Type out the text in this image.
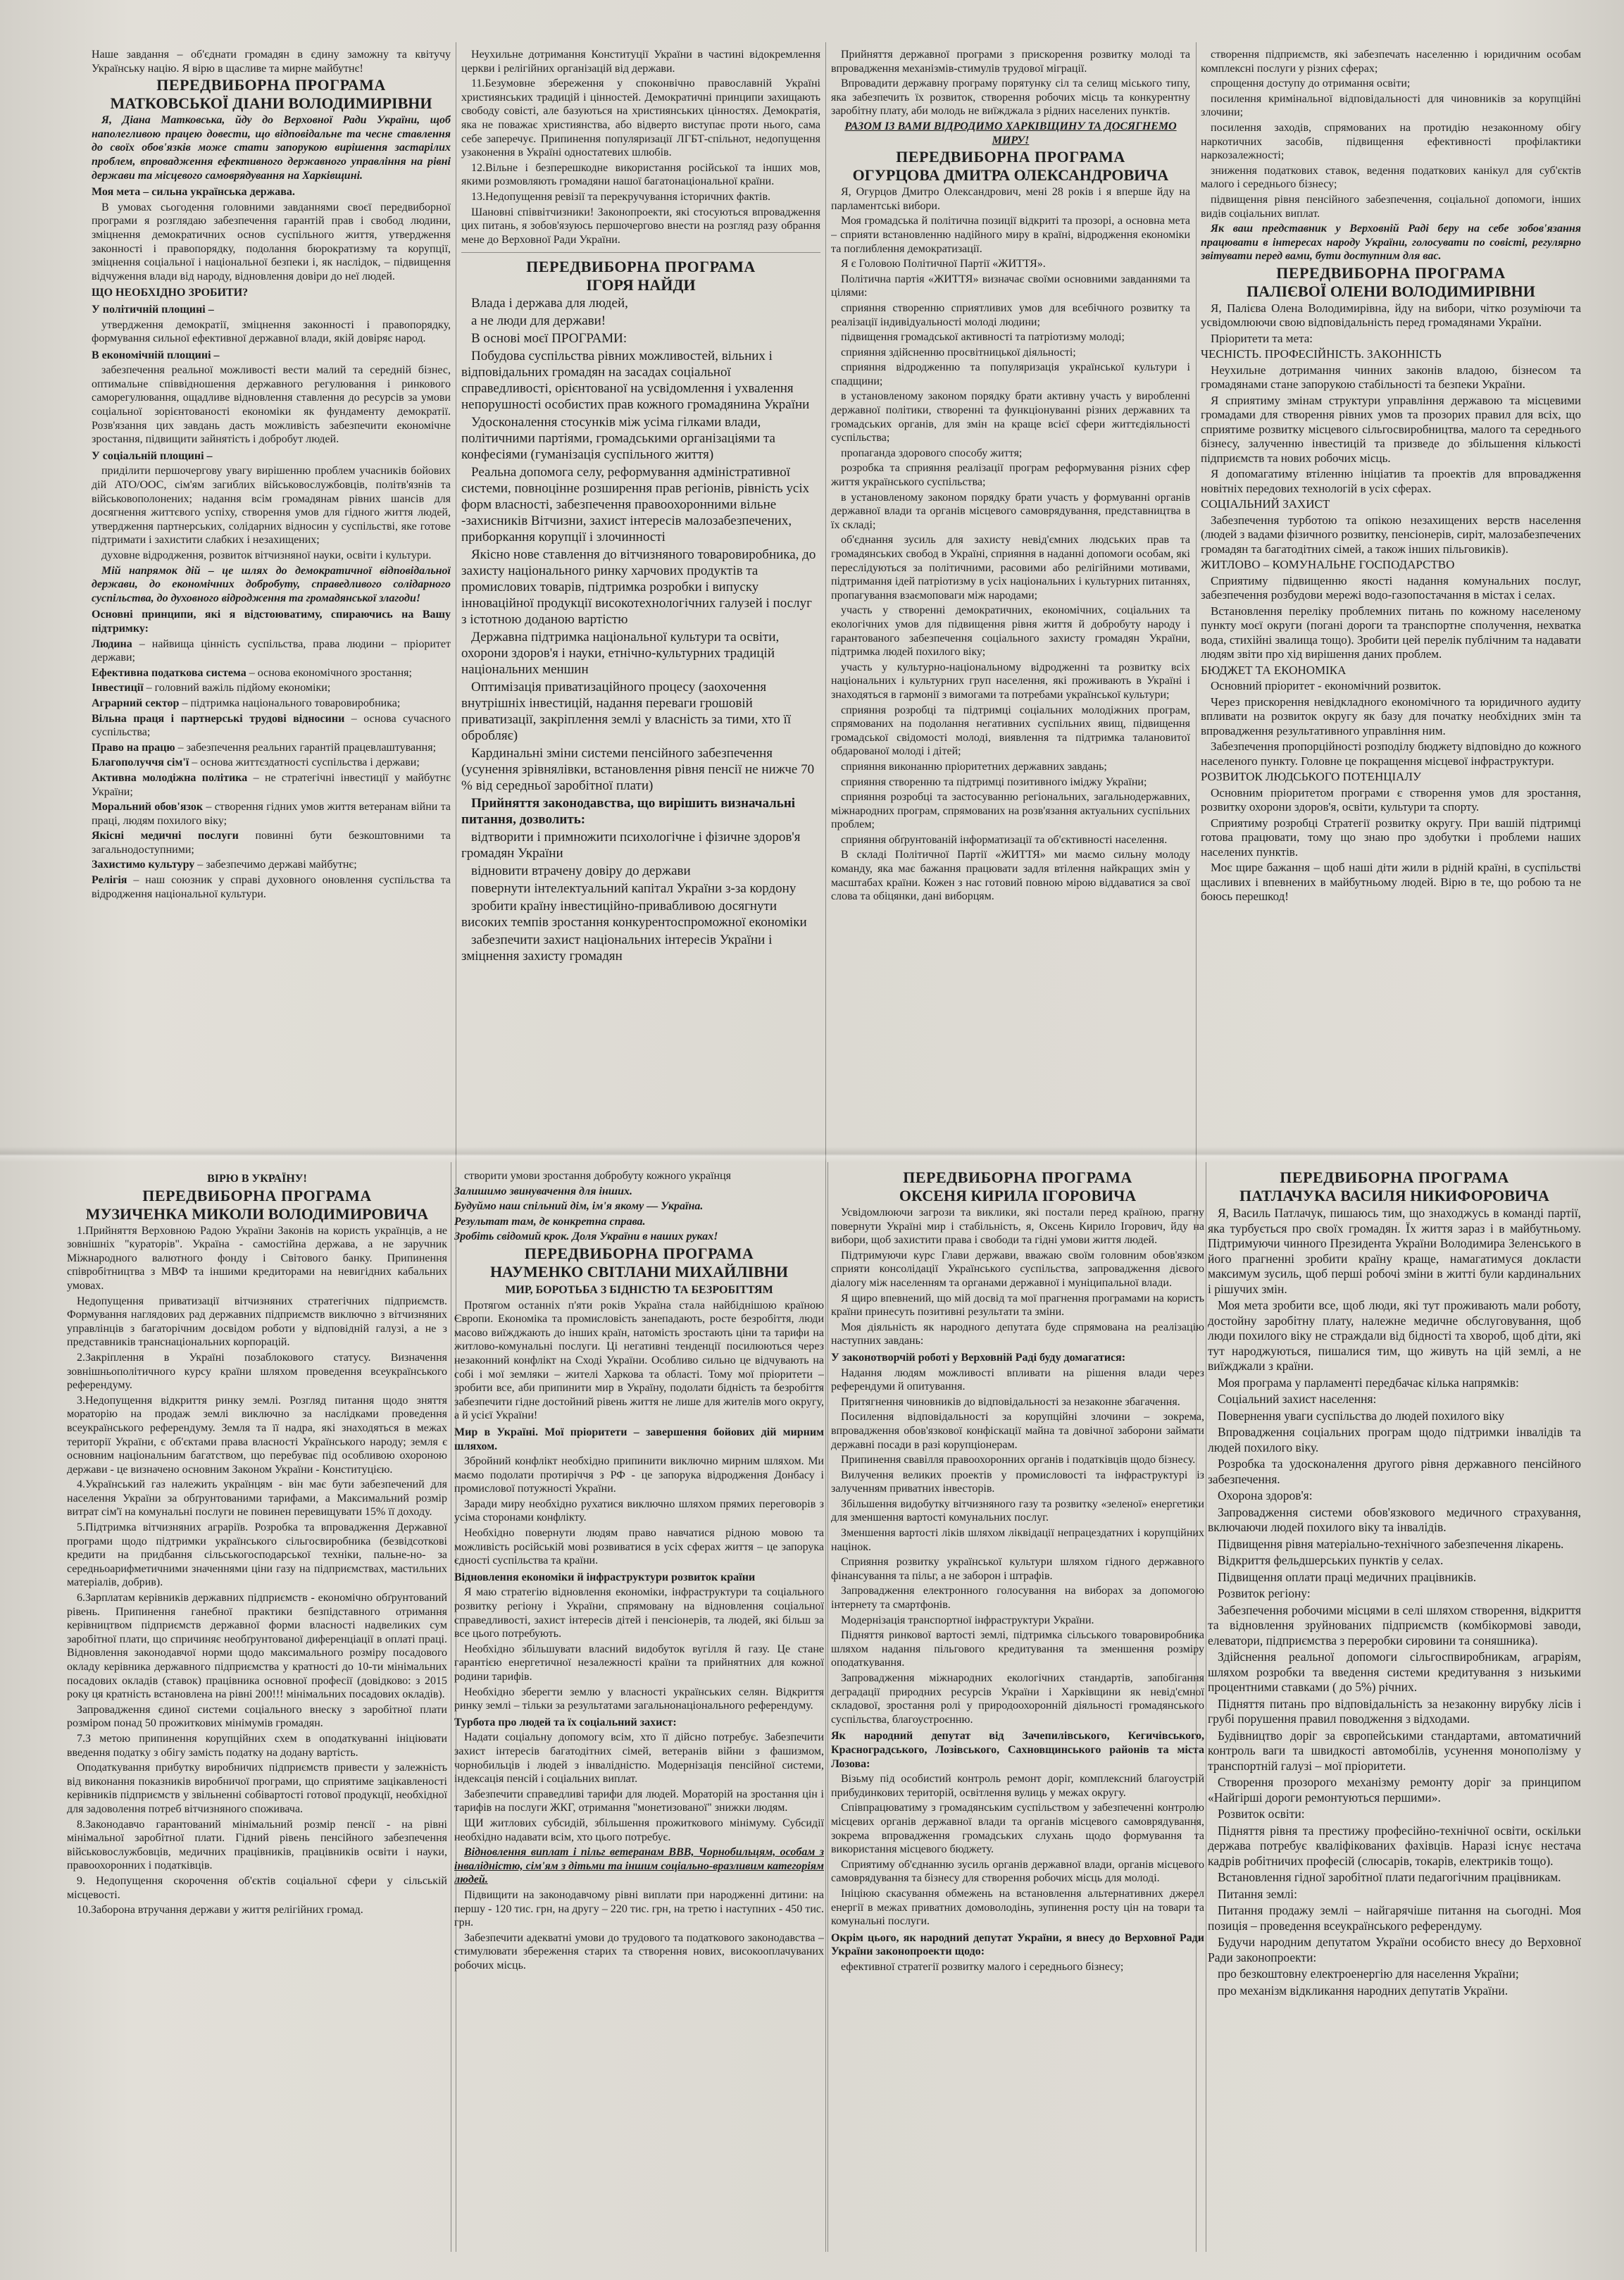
Наше завдання – об'єднати громадян в єдину заможну та квітучу Українську націю. Я вірю в щасливе та мирне майбутнє!

ПЕРЕДВИБОРНА ПРОГРАМА

МАТКОВСЬКОЇ ДІАНИ ВОЛОДИМИРІВНИ

Я, Діана Матковська, йду до Верховної Ради України, щоб наполегливою працею довести, що відповідальне та чесне ставлення до своїх обов'язків може стати запорукою вирішення застарілих проблем, впровадження ефективного державного управління на рівні держави та місцевого самоврядування на Харківщині.

Моя мета – сильна українська держава.

В умовах сьогодення головними завданнями своєї передвиборної програми я розглядаю забезпечення гарантій прав і свобод людини, зміцнення демократичних основ суспільного життя, утвердження законності і правопорядку, подолання бюрократизму та корупції, зміцнення соціальної і національної безпеки і, як наслідок, – підвищення відчуження влади від народу, відновлення довіри до неї людей.

ЩО НЕОБХІДНО ЗРОБИТИ?

У політичній площині –

утвердження демократії, зміцнення законності і правопорядку, формування сильної ефективної державної влади, якій довіряє народ.

В економічній площині –

забезпечення реальної можливості вести малий та середній бізнес, оптимальне співвідношення державного регулювання і ринкового саморегулювання, ощадливе відновлення ставлення до ресурсів за умови соціальної зорієнтованості економіки як фундаменту демократії. Розв'язання цих завдань дасть можливість забезпечити економічне зростання, підвищити зайнятість і добробут людей.

У соціальній площині –

приділити першочергову увагу вирішенню проблем учасників бойових дій АТО/ООС, сім'ям загиблих військовослужбовців, політв'язнів та військовополонених; надання всім громадянам рівних шансів для досягнення життєвого успіху, створення умов для гідного життя людей, утвердження партнерських, солідарних відносин у суспільстві, яке готове підтримати і захистити слабких і незахищених;

духовне відродження, розвиток вітчизняної науки, освіти і культури.

Мій напрямок дій – це шлях до демократичної відповідальної держави, до економічних добробуту, справедливого солідарного суспільства, до духовного відродження та громадянської злагоди!

Основні принципи, які я відстоюватиму, спираючись на Вашу підтримку:

Людина – найвища цінність суспільства, права людини – пріоритет держави;

Ефективна податкова система – основа економічного зростання;

Інвестиції – головний важіль підйому економіки;

Аграрний сектор – підтримка національного товаровиробника;

Вільна праця і партнерські трудові відносини – основа сучасного суспільства;

Право на працю – забезпечення реальних гарантій працевлаштування;

Благополуччя сім'ї – основа життєздатності суспільства і держави;

Активна молодіжна політика – не стратегічні інвестиції у майбутнє України;

Моральний обов'язок – створення гідних умов життя ветеранам війни та праці, людям похилого віку;

Якісні медичні послуги повинні бути безкоштовними та загальнодоступними;

Захистимо культуру – забезпечимо державі майбутнє;

Релігія – наш союзник у справі духовного оновлення суспільства та відродження національної культури.

Неухильне дотримання Конституції України в частині відокремлення церкви і релігійних організацій від держави.

11.Безумовне збереження у споконвічно православній Україні християнських традицій і цінностей. Демократичні принципи захищають свободу совісті, але базуються на християнських цінностях. Демократія, яка не поважає християнства, або відверто виступає проти нього, сама себе заперечує. Припинення популяризації ЛГБТ-спільнот, недопущення узаконення в Україні одностатевих шлюбів.

12.Вільне і безперешкодне використання російської та інших мов, якими розмовляють громадяни нашої багатонаціональної країни.

13.Недопущення ревізії та перекручування історичних фактів.

Шановні співвітчизники! Законопроекти, які стосуються впровадження цих питань, я зобов'язуюсь першочергово внести на розгляд разу обрання мене до Верховної Ради України.

ПЕРЕДВИБОРНА ПРОГРАМА

ІГОРЯ НАЙДИ

Влада і держава для людей,

а не люди для держави!

В основі моєї ПРОГРАМИ:

Побудова суспільства рівних можливостей, вільних і відповідальних громадян на засадах соціальної справедливості, орієнтованої на усвідомлення і ухвалення непорушності особистих прав кожного громадянина України

Удосконалення стосунків між усіма гілками влади, політичними партіями, громадськими організаціями та конфесіями (гуманізація суспільного життя)

Реальна допомога селу, реформування адміністративної системи, повноцінне розширення прав регіонів, рівність усіх форм власності, забезпечення правоохоронними вільне -захисників Вітчизни, захист інтересів малозабезпечених, приборкання корупції і злочинності

Якісно нове ставлення до вітчизняного товаровиробника, до захисту національного ринку харчових продуктів та промислових товарів, підтримка розробки і випуску інноваційної продукції високотехнологічних галузей і послуг з істотною доданою вартістю

Державна підтримка національної культури та освіти, охорони здоров'я і науки, етнічно-культурних традицій національних меншин

Оптимізація приватизаційного процесу (заохочення внутрішніх інвестицій, надання переваги грошовій приватизації, закріплення землі у власність за тими, хто її обробляє)

Кардинальні зміни системи пенсійного забезпечення (усунення зрівнялівки, встановлення рівня пенсії не нижче 70 % від середньої заробітної плати)

Прийняття законодавства, що вирішить визначальні питання, дозволить:

відтворити і примножити психологічне і фізичне здоров'я громадян України

відновити втрачену довіру до держави

повернути інтелектуальний капітал України з-за кордону

зробити країну інвестиційно-привабливою досягнути високих темпів зростання конкурентоспроможної економіки

забезпечити захист національних інтересів України і зміцнення захисту громадян

Прийняття державної програми з прискорення розвитку молоді та впровадження механізмів-стимулів трудової міграції.

Впровадити державну програму порятунку сіл та селищ міського типу, яка забезпечить їх розвиток, створення робочих місць та конкурентну заробітну плату, аби молодь не виїжджала з рідних населених пунктів.

РАЗОМ ІЗ ВАМИ ВІДРОДИМО ХАРКІВЩИНУ ТА ДОСЯГНЕМО МИРУ!

ПЕРЕДВИБОРНА ПРОГРАМА

ОГУРЦОВА ДМИТРА ОЛЕКСАНДРОВИЧА

Я, Огурцов Дмитро Олександрович, мені 28 років і я вперше йду на парламентські вибори.

Моя громадська й політична позиції відкриті та прозорі, а основна мета – сприяти встановленню надійного миру в країні, відродження економіки та поглиблення демократизації.

Я є Головою Політичної Партії «ЖИТТЯ».

Політична партія «ЖИТТЯ» визначає своїми основними завданнями та цілями:

сприяння створенню сприятливих умов для всебічного розвитку та реалізації індивідуальності молоді людини;

підвищення громадської активності та патріотизму молоді;

сприяння здійсненню просвітницької діяльності;

сприяння відродженню та популяризація української культури і спадщини;

в установленому законом порядку брати активну участь у виробленні державної політики, створенні та функціонуванні різних державних та громадських органів, для змін на краще всієї сфери життєдіяльності суспільства;

пропаганда здорового способу життя;

розробка та сприяння реалізації програм реформування різних сфер життя українського суспільства;

в установленому законом порядку брати участь у формуванні органів державної влади та органів місцевого самоврядування, представництва в їх складі;

об'єднання зусиль для захисту невід'ємних людських прав та громадянських свобод в Україні, сприяння в наданні допомоги особам, які переслідуються за політичними, расовими або релігійними мотивами, підтримання ідей патріотизму в усіх національних і культурних питаннях, пропагування взаємоповаги між народами;

участь у створенні демократичних, економічних, соціальних та екологічних умов для підвищення рівня життя й добробуту народу і гарантованого забезпечення соціального захисту громадян України, підтримка людей похилого віку;

участь у культурно-національному відродженні та розвитку всіх національних і культурних груп населення, які проживають в Україні і знаходяться в гармонії з вимогами та потребами української культури;

сприяння розробці та підтримці соціальних молодіжних програм, спрямованих на подолання негативних суспільних явищ, підвищення громадської свідомості молоді, виявлення та підтримка талановитої обдарованої молоді і дітей;

сприяння виконанню пріоритетних державних завдань;

сприяння створенню та підтримці позитивного іміджу України;

сприяння розробці та застосуванню регіональних, загальнодержавних, міжнародних програм, спрямованих на розв'язання актуальних суспільних проблем;

сприяння обґрунтованій інформатизації та об'єктивності населення.

В складі Політичної Партії «ЖИТТЯ» ми маємо сильну молоду команду, яка має бажання працювати задля втілення найкращих змін у масштабах країни. Кожен з нас готовий повною мірою віддаватися за свої слова та обіцянки, дані виборцям.

створення підприємств, які забезпечать населенню і юридичним особам комплексні послуги у різних сферах;

спрощення доступу до отримання освіти;

посилення кримінальної відповідальності для чиновників за корупційні злочини;

посилення заходів, спрямованих на протидію незаконному обігу наркотичних засобів, підвищення ефективності профілактики наркозалежності;

зниження податкових ставок, ведення податкових канікул для суб'єктів малого і середнього бізнесу;

підвищення рівня пенсійного забезпечення, соціальної допомоги, інших видів соціальних виплат.

Як ваш представник у Верховній Раді беру на себе зобов'язання працювати в інтересах народу України, голосувати по совісті, регулярно звітувати перед вами, бути доступним для вас.

ПЕРЕДВИБОРНА ПРОГРАМА

ПАЛІЄВОЇ ОЛЕНИ ВОЛОДИМИРІВНИ

Я, Палієва Олена Володимирівна, йду на вибори, чітко розуміючи та усвідомлюючи свою відповідальність перед громадянами України.

Пріоритети та мета:

ЧЕСНІСТЬ. ПРОФЕСІЙНІСТЬ. ЗАКОННІСТЬ

Неухильне дотримання чинних законів владою, бізнесом та громадянами стане запорукою стабільності та безпеки України.

Я сприятиму змінам структури управління державою та місцевими громадами для створення рівних умов та прозорих правил для всіх, що сприятиме розвитку місцевого сільгосвиробництва, малого та середнього бізнесу, залученню інвестицій та призведе до збільшення кількості підприємств та нових робочих місць.

Я допомагатиму втіленню ініціатив та проектів для впровадження новітніх передових технологій в усіх сферах.

СОЦІАЛЬНИЙ ЗАХИСТ

Забезпечення турботою та опікою незахищених верств населення (людей з вадами фізичного розвитку, пенсіонерів, сиріт, малозабезпечених громадян та багатодітних сімей, а також інших пільговиків).

ЖИТЛОВО – КОМУНАЛЬНЕ ГОСПОДАРСТВО

Сприятиму підвищенню якості надання комунальних послуг, забезпечення розбудови мережі водо-газопостачання в містах і селах.

Встановлення переліку проблемних питань по кожному населеному пункту моєї округи (погані дороги та транспортне сполучення, нехватка вода, стихійні звалища тощо). Зробити цей перелік публічним та надавати людям звіти про хід вирішення даних проблем.

БЮДЖЕТ ТА ЕКОНОМІКА

Основний пріоритет - економічний розвиток.

Через прискорення невідкладного економічного та юридичного аудиту впливати на розвиток округу як базу для початку необхідних змін та впровадження результативного управління ним.

Забезпечення пропорційності розподілу бюджету відповідно до кожного населеного пункту. Головне це покращення місцевої інфраструктури.

РОЗВИТОК ЛЮДСЬКОГО ПОТЕНЦІАЛУ

Основним пріоритетом програми є створення умов для зростання, розвитку охорони здоров'я, освіти, культури та спорту.

Сприятиму розробці Стратегії розвитку округу. При вашій підтримці готова працювати, тому що знаю про здобутки і проблеми наших населених пунктів.

Моє щире бажання – щоб наші діти жили в рідній країні, в суспільстві щасливих і впевнених в майбутньому людей. Вірю в те, що робою та не боюсь перешкод!

ВІРЮ В УКРАЇНУ!

ПЕРЕДВИБОРНА ПРОГРАМА

МУЗИЧЕНКА МИКОЛИ ВОЛОДИМИРОВИЧА

1.Прийняття Верховною Радою України Законів на користь українців, а не зовнішніх "кураторів". Україна - самостійна держава, а не заручник Міжнародного валютного фонду і Світового банку. Припинення співробітництва з МВФ та іншими кредиторами на невигідних кабальних умовах.

Недопущення приватизації вітчизняних стратегічних підприємств. Формування наглядових рад державних підприємств виключно з вітчизняних управлінців з багаторічним досвідом роботи у відповідній галузі, а не з представників транснаціональних корпорацій.

2.Закріплення в Україні позаблокового статусу. Визначення зовнішньополітичного курсу країни шляхом проведення всеукраїнського референдуму.

3.Недопущення відкриття ринку землі. Розгляд питання щодо зняття мораторію на продаж землі виключно за наслідками проведення всеукраїнського референдуму. Земля та її надра, які знаходяться в межах території України, є об'єктами права власності Українського народу; земля є основним національним багатством, що перебуває під особливою охороною держави - це визначено основним Законом України - Конституцією.

4.Український газ належить українцям - він має бути забезпечений для населення України за обґрунтованими тарифами, а Максимальний розмір витрат сім'ї на комунальні послуги не повинен перевищувати 15% її доходу.

5.Підтримка вітчизняних аграріїв. Розробка та впровадження Державної програми щодо підтримки українського сільгосвиробника (безвідсоткові кредити на придбання сільськогосподарської техніки, пальне-но- за середньоарифметичними значеннями ціни газу на підприємствах, мастильних матеріалів, добрив).

6.Зарплатам керівників державних підприємств - економічно обґрунтований рівень. Припинення ганебної практики безпідставного отримання керівництвом підприємств державної форми власності надвеликих сум заробітної плати, що спричиняє необґрунтованої диференціації в оплаті праці. Відновлення законодавчої норми щодо максимального розміру посадового окладу керівника державного підприємства у кратності до 10-ти мінімальних посадових окладів (ставок) працівника основної професії (довідково: з 2015 року ця кратність встановлена на рівні 200!!! мінімальних посадових окладів).

Запровадження єдиної системи соціального внеску з заробітної плати розміром понад 50 прожиткових мінімумів громадян.

7.З метою припинення корупційних схем в оподаткуванні ініціювати введення податку з обігу замість податку на додану вартість.

Оподаткування прибутку виробничих підприємств привести у залежність від виконання показників виробничої програми, що сприятиме зацікавленості керівників підприємств у звільненні собівартості готової продукції, необхідної для задоволення потреб вітчизняного споживача.

8.Законодавчо гарантований мінімальний розмір пенсії - на рівні мінімальної заробітної плати. Гідний рівень пенсійного забезпечення військовослужбовців, медичних працівників, працівників освіти і науки, правоохоронних і податківців.

9. Недопущення скорочення об'єктів соціальної сфери у сільській місцевості.

10.Заборона втручання держави у життя релігійних громад.

створити умови зростання добробуту кожного українця

Залишимо звинувачення для інших.

Будуймо наш спільний дім, ім'я якому — Україна.

Результат там, де конкретна справа.

Зробіть свідомий крок. Доля України в наших руках!

ПЕРЕДВИБОРНА ПРОГРАМА

НАУМЕНКО СВІТЛАНИ МИХАЙЛІВНИ

МИР, БОРОТЬБА З БІДНІСТЮ ТА БЕЗРОБІТТЯМ

Протягом останніх п'яти років Україна стала найбіднішою країною Європи. Економіка та промисловість занепадають, росте безробіття, люди масово виїжджають до інших країн, натомість зростають ціни та тарифи на житлово-комунальні послуги. Ці негативні тенденції посилюються через незаконний конфлікт на Сході України. Особливо сильно це відчувають на собі і мої земляки – жителі Харкова та області. Тому мої пріоритети – зробити все, аби припинити мир в Україну, подолати бідність та безробіття забезпечити гідне достойний рівень життя не лише для жителів мого округу, а й усієї України!

Мир в Україні. Мої пріоритети – завершення бойових дій мирним шляхом.

Збройний конфлікт необхідно припинити виключно мирним шляхом. Ми маємо подолати протиріччя з РФ - це запорука відродження Донбасу і промислової потужності України.

Заради миру необхідно рухатися виключно шляхом прямих переговорів з усіма сторонами конфлікту.

Необхідно повернути людям право навчатися рідною мовою та можливість російській мові розвиватися в усіх сферах життя – це запорука єдності суспільства та країни.

Відновлення економіки й інфраструктури розвиток країни

Я маю стратегію відновлення економіки, інфраструктури та соціального розвитку регіону і України, спрямовану на відновлення соціальної справедливості, захист інтересів дітей і пенсіонерів, та людей, які більш за все цього потребують.

Необхідно збільшувати власний видобуток вугілля й газу. Це стане гарантією енергетичної незалежності країни та прийнятних для кожної родини тарифів.

Необхідно зберегти землю у власності українських селян. Відкриття ринку землі – тільки за результатами загальнонаціонального референдуму.

Турбота про людей та їх соціальний захист:

Надати соціальну допомогу всім, хто її дійсно потребує. Забезпечити захист інтересів багатодітних сімей, ветеранів війни з фашизмом, чорнобильців і людей з інвалідністю. Модернізація пенсійної системи, індексація пенсій і соціальних виплат.

Забезпечити справедливі тарифи для людей. Мораторій на зростання цін і тарифів на послуги ЖКГ, отримання "монетизованої" знижки людям.

ЩИ житлових субсидій, збільшення прожиткового мінімуму. Субсидії необхідно надавати всім, хто цього потребує.

Відновлення виплат і пільг ветеранам ВВВ, Чорнобильцям, особам з інвалідністю, сім'ям з дітьми та іншим соціально-вразливим категоріям людей.

Підвищити на законодавчому рівні виплати при народженні дитини: на першу - 120 тис. грн, на другу – 220 тис. грн, на третю і наступних - 450 тис. грн.

Забезпечити адекватні умови до трудового та податкового законодавства – стимулювати збереження старих та створення нових, високооплачуваних робочих місць.

ПЕРЕДВИБОРНА ПРОГРАМА

ОКСЕНЯ КИРИЛА ІГОРОВИЧА

Усвідомлюючи загрози та виклики, які постали перед країною, прагну повернути Україні мир і стабільність, я, Оксень Кирило Ігорович, йду на вибори, щоб захистити права і свободи та гідні умови життя людей.

Підтримуючи курс Глави держави, вважаю своїм головним обов'язком сприяти консолідації Українського суспільства, запровадження дієвого діалогу між населенням та органами державної і муніципальної влади.

Я щиро впевнений, що мій досвід та мої прагнення програмами на користь країни принесуть позитивні результати та зміни.

Моя діяльність як народного депутата буде спрямована на реалізацію наступних завдань:

У законотворчій роботі у Верховній Раді буду домагатися:

Надання людям можливості впливати на рішення влади через референдуми й опитування.

Притягнення чиновників до відповідальності за незаконне збагачення.

Посилення відповідальності за корупційні злочини – зокрема, впровадження обов'язкової конфіскації майна та довічної заборони займати державні посади в разі корупціонерам.

Припинення свавілля правоохоронних органів і податківців щодо бізнесу.

Вилучення великих проектів у промисловості та інфраструктурі із залученням приватних інвесторів.

Збільшення видобутку вітчизняного газу та розвитку «зеленої» енергетики для зменшення вартості комунальних послуг.

Зменшення вартості ліків шляхом ліквідації непрацездатних і корупційних націнок.

Сприяння розвитку української культури шляхом гідного державного фінансування та пільг, а не заборон і штрафів.

Запровадження електронного голосування на виборах за допомогою інтернету та смартфонів.

Модернізація транспортної інфраструктури України.

Підняття ринкової вартості землі, підтримка сільського товаровиробника шляхом надання пільгового кредитування та зменшення розміру оподаткування.

Запровадження міжнародних екологічних стандартів, запобігання деградації природних ресурсів України і Харківщини як невід'ємної складової, зростання ролі у природоохоронній діяльності громадянського суспільства, благоустроєнню.

Як народний депутат від Зачепилівського, Кегичівського, Красноградського, Лозівського, Сахновщинського районів та міста Лозова:

Візьму під особистий контроль ремонт доріг, комплексний благоустрій прибудинкових територій, освітлення вулиць у межах округу.

Співпрацюватиму з громадянським суспільством у забезпеченні контролю місцевих органів державної влади та органів місцевого самоврядування, зокрема впровадження громадських слухань щодо формування та використання місцевого бюджету.

Сприятиму об'єднанню зусиль органів державної влади, органів місцевого самоврядування та бізнесу для створення робочих місць для молоді.

Ініціюю скасування обмежень на встановлення альтернативних джерел енергії в межах приватних домоволодінь, зупинення росту цін на товари та комунальні послуги.

Окрім цього, як народний депутат України, я внесу до Верховної Ради України законопроекти щодо:

ефективної стратегії розвитку малого і середнього бізнесу;

ПЕРЕДВИБОРНА ПРОГРАМА

ПАТЛАЧУКА ВАСИЛЯ НИКИФОРОВИЧА

Я, Василь Патлачук, пишаюсь тим, що знаходжусь в команді партії, яка турбується про своїх громадян. Їх життя зараз і в майбутньому. Підтримуючи чинного Президента України Володимира Зеленського в його прагненні зробити країну краще, намагатимуся докласти максимум зусиль, щоб перші робочі зміни в житті були кардинальних і рішучих змін.

Моя мета зробити все, щоб люди, які тут проживають мали роботу, достойну заробітну плату, належне медичне обслуговування, щоб люди похилого віку не страждали від бідності та хвороб, щоб діти, які тут народжуються, пишалися тим, що живуть на цій землі, а не виїжджали з країни.

Моя програма у парламенті передбачає кілька напрямків:

Соціальний захист населення:

Повернення уваги суспільства до людей похилого віку

Впровадження соціальних програм щодо підтримки інвалідів та людей похилого віку.

Розробка та удосконалення другого рівня державного пенсійного забезпечення.

Охорона здоров'я:

Запровадження системи обов'язкового медичного страхування, включаючи людей похилого віку та інвалідів.

Підвищення рівня матеріально-технічного забезпечення лікарень.

Відкриття фельдшерських пунктів у селах.

Підвищення оплати праці медичних працівників.

Розвиток регіону:

Забезпечення робочими місцями в селі шляхом створення, відкриття та відновлення зруйнованих підприємств (комбікормові заводи, елеватори, підприємства з переробки сировини та соняшника).

Здійснення реальної допомоги сільгоспвиробникам, аграріям, шляхом розробки та введення системи кредитування з низькими процентними ставками ( до 5%) річних.

Підняття питань про відповідальність за незаконну вирубку лісів і грубі порушення правил поводження з відходами.

Будівництво доріг за європейськими стандартами, автоматичний контроль ваги та швидкості автомобілів, усунення монополізму у транспортній галузі – мої пріоритети.

Створення прозорого механізму ремонту доріг за принципом «Найгірші дороги ремонтуються першими».

Розвиток освіти:

Підняття рівня та престижу професійно-технічної освіти, оскільки держава потребує кваліфікованих фахівців. Наразі існує нестача кадрів робітничих професій (слюсарів, токарів, електриків тощо).

Встановлення гідної заробітної плати педагогічним працівникам.

Питання землі:

Питання продажу землі – найгарячіше питання на сьогодні. Моя позиція – проведення всеукраїнського референдуму.

Будучи народним депутатом України особисто внесу до Верховної Ради законопроекти:

про безкоштовну електроенергію для населення України;

про механізм відкликання народних депутатів України.
